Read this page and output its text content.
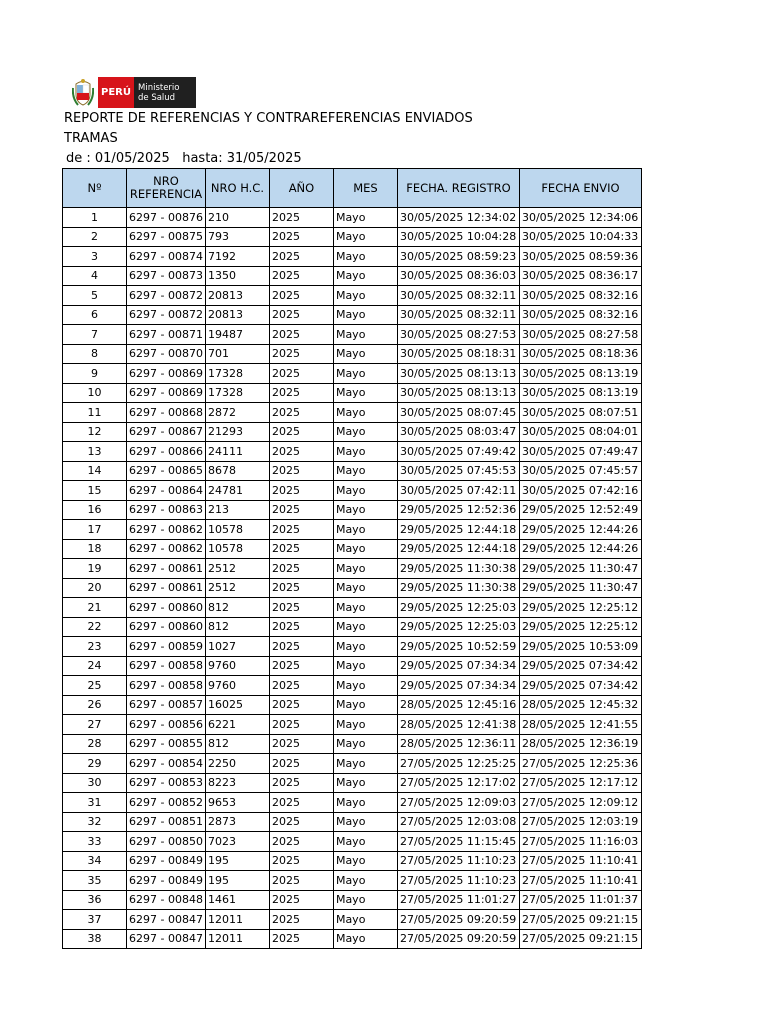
PERÚ Ministerio
de Salud
REPORTE DE REFERENCIAS Y CONTRAREFERENCIAS ENVIADOS
TRAMAS
de : 01/05/2025   hasta: 31/05/2025
Nº	NRO REFERENCIA	NRO H.C.	AÑO	MES	FECHA. REGISTRO	FECHA ENVIO
1	6297 - 00876	210	2025	Mayo	30/05/2025 12:34:02	30/05/2025 12:34:06
2	6297 - 00875	793	2025	Mayo	30/05/2025 10:04:28	30/05/2025 10:04:33
3	6297 - 00874	7192	2025	Mayo	30/05/2025 08:59:23	30/05/2025 08:59:36
4	6297 - 00873	1350	2025	Mayo	30/05/2025 08:36:03	30/05/2025 08:36:17
5	6297 - 00872	20813	2025	Mayo	30/05/2025 08:32:11	30/05/2025 08:32:16
6	6297 - 00872	20813	2025	Mayo	30/05/2025 08:32:11	30/05/2025 08:32:16
7	6297 - 00871	19487	2025	Mayo	30/05/2025 08:27:53	30/05/2025 08:27:58
8	6297 - 00870	701	2025	Mayo	30/05/2025 08:18:31	30/05/2025 08:18:36
9	6297 - 00869	17328	2025	Mayo	30/05/2025 08:13:13	30/05/2025 08:13:19
10	6297 - 00869	17328	2025	Mayo	30/05/2025 08:13:13	30/05/2025 08:13:19
11	6297 - 00868	2872	2025	Mayo	30/05/2025 08:07:45	30/05/2025 08:07:51
12	6297 - 00867	21293	2025	Mayo	30/05/2025 08:03:47	30/05/2025 08:04:01
13	6297 - 00866	24111	2025	Mayo	30/05/2025 07:49:42	30/05/2025 07:49:47
14	6297 - 00865	8678	2025	Mayo	30/05/2025 07:45:53	30/05/2025 07:45:57
15	6297 - 00864	24781	2025	Mayo	30/05/2025 07:42:11	30/05/2025 07:42:16
16	6297 - 00863	213	2025	Mayo	29/05/2025 12:52:36	29/05/2025 12:52:49
17	6297 - 00862	10578	2025	Mayo	29/05/2025 12:44:18	29/05/2025 12:44:26
18	6297 - 00862	10578	2025	Mayo	29/05/2025 12:44:18	29/05/2025 12:44:26
19	6297 - 00861	2512	2025	Mayo	29/05/2025 11:30:38	29/05/2025 11:30:47
20	6297 - 00861	2512	2025	Mayo	29/05/2025 11:30:38	29/05/2025 11:30:47
21	6297 - 00860	812	2025	Mayo	29/05/2025 12:25:03	29/05/2025 12:25:12
22	6297 - 00860	812	2025	Mayo	29/05/2025 12:25:03	29/05/2025 12:25:12
23	6297 - 00859	1027	2025	Mayo	29/05/2025 10:52:59	29/05/2025 10:53:09
24	6297 - 00858	9760	2025	Mayo	29/05/2025 07:34:34	29/05/2025 07:34:42
25	6297 - 00858	9760	2025	Mayo	29/05/2025 07:34:34	29/05/2025 07:34:42
26	6297 - 00857	16025	2025	Mayo	28/05/2025 12:45:16	28/05/2025 12:45:32
27	6297 - 00856	6221	2025	Mayo	28/05/2025 12:41:38	28/05/2025 12:41:55
28	6297 - 00855	812	2025	Mayo	28/05/2025 12:36:11	28/05/2025 12:36:19
29	6297 - 00854	2250	2025	Mayo	27/05/2025 12:25:25	27/05/2025 12:25:36
30	6297 - 00853	8223	2025	Mayo	27/05/2025 12:17:02	27/05/2025 12:17:12
31	6297 - 00852	9653	2025	Mayo	27/05/2025 12:09:03	27/05/2025 12:09:12
32	6297 - 00851	2873	2025	Mayo	27/05/2025 12:03:08	27/05/2025 12:03:19
33	6297 - 00850	7023	2025	Mayo	27/05/2025 11:15:45	27/05/2025 11:16:03
34	6297 - 00849	195	2025	Mayo	27/05/2025 11:10:23	27/05/2025 11:10:41
35	6297 - 00849	195	2025	Mayo	27/05/2025 11:10:23	27/05/2025 11:10:41
36	6297 - 00848	1461	2025	Mayo	27/05/2025 11:01:27	27/05/2025 11:01:37
37	6297 - 00847	12011	2025	Mayo	27/05/2025 09:20:59	27/05/2025 09:21:15
38	6297 - 00847	12011	2025	Mayo	27/05/2025 09:20:59	27/05/2025 09:21:15
